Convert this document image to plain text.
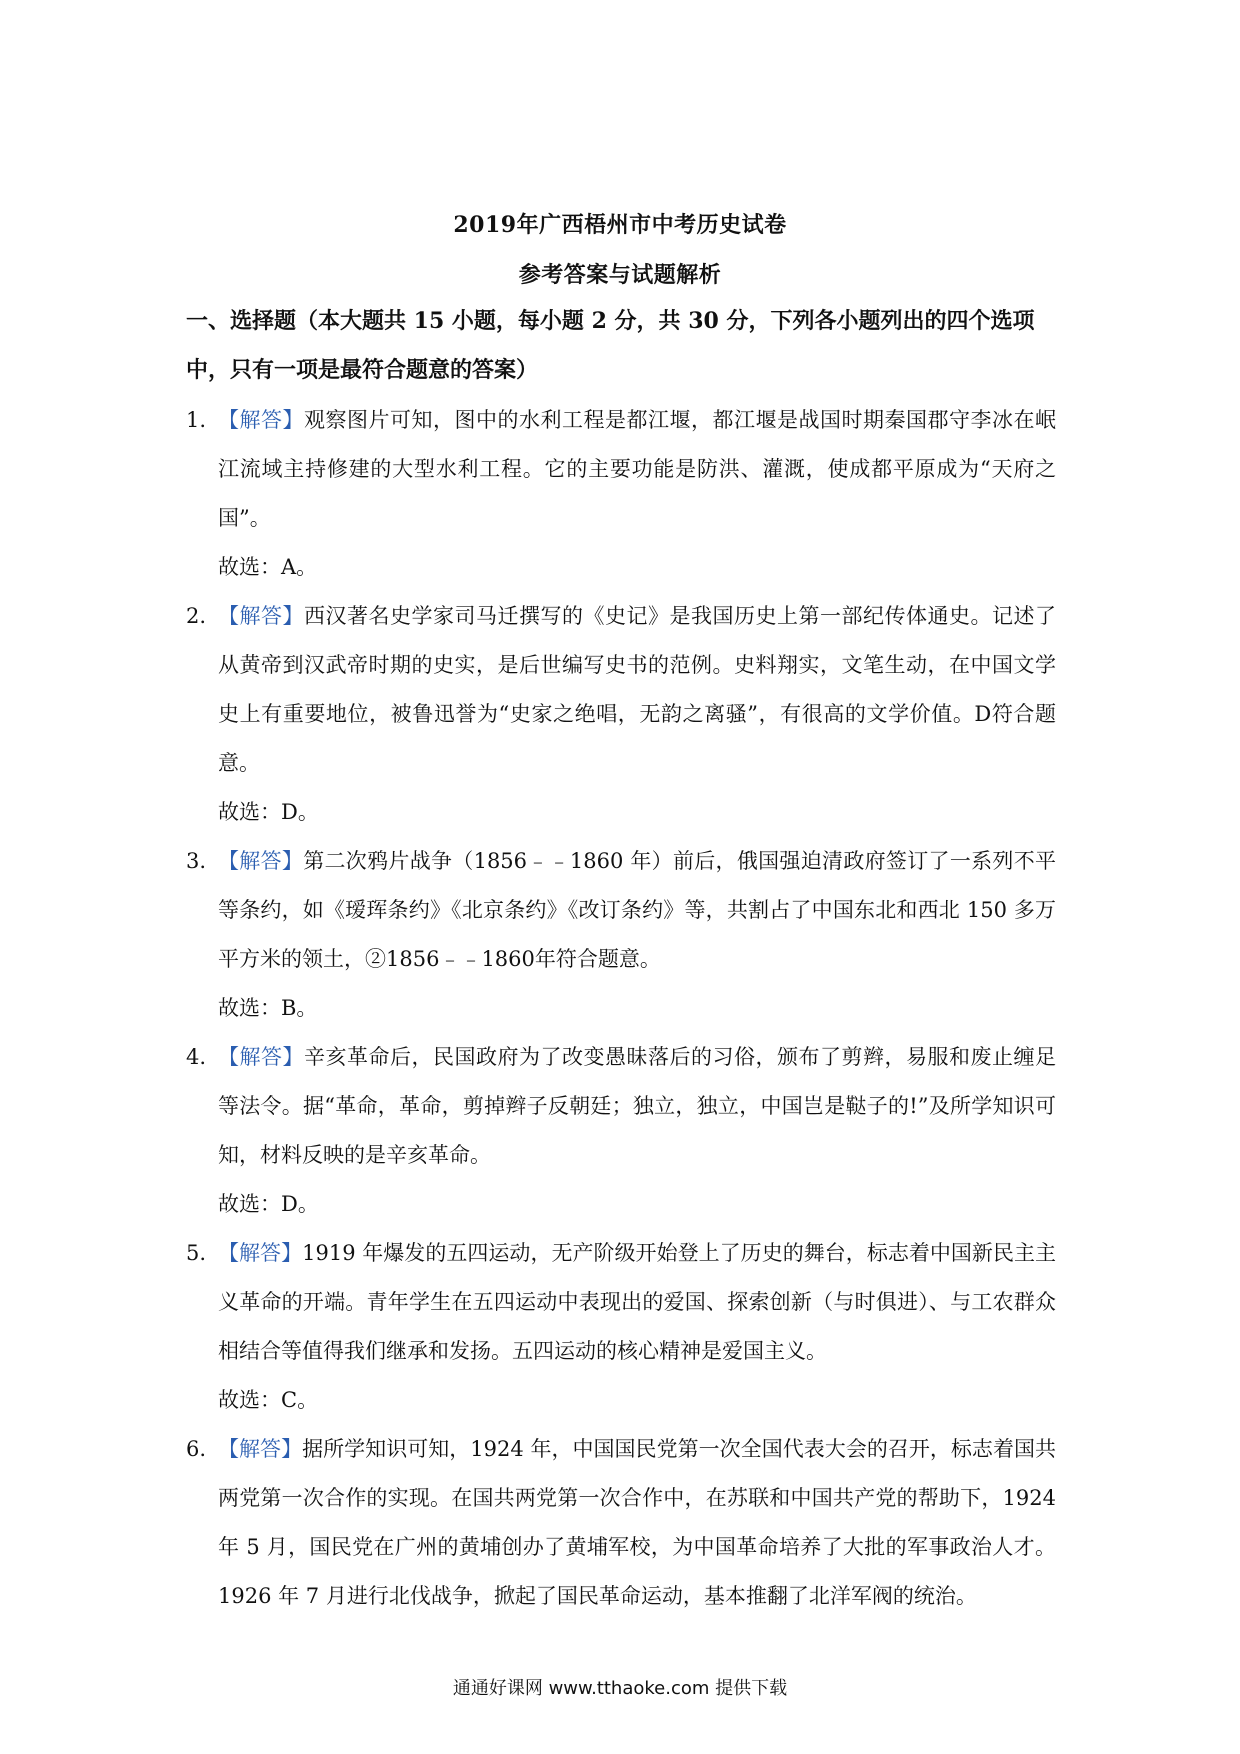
2019年广西梧州市中考历史试卷
参考答案与试题解析
一、选择题（本大题共 15 小题，每小题 2 分，共 30 分，下列各小题列出的四个选项中，只有一项是最符合题意的答案）
1. 【解答】观察图片可知，图中的水利工程是都江堰，都江堰是战国时期秦国郡守李冰在岷江流域主持修建的大型水利工程。它的主要功能是防洪、灌溉，使成都平原成为“天府之国”。
故选：A。
2. 【解答】西汉著名史学家司马迁撰写的《史记》是我国历史上第一部纪传体通史。记述了从黄帝到汉武帝时期的史实，是后世编写史书的范例。史料翔实，文笔生动，在中国文学史上有重要地位，被鲁迅誉为“史家之绝唱，无韵之离骚”，有很高的文学价值。D符合题意。
故选：D。
3. 【解答】第二次鸦片战争（1856﹣﹣1860 年）前后，俄国强迫清政府签订了一系列不平等条约，如《瑷珲条约》《北京条约》《改订条约》等，共割占了中国东北和西北 150 多万平方米的领土，②1856﹣﹣1860年符合题意。
故选：B。
4. 【解答】辛亥革命后，民国政府为了改变愚昧落后的习俗，颁布了剪辫，易服和废止缠足等法令。据“革命，革命，剪掉辫子反朝廷；独立，独立，中国岂是鞑子的!”及所学知识可知，材料反映的是辛亥革命。
故选：D。
5. 【解答】1919 年爆发的五四运动，无产阶级开始登上了历史的舞台，标志着中国新民主主义革命的开端。青年学生在五四运动中表现出的爱国、探索创新（与时俱进）、与工农群众相结合等值得我们继承和发扬。五四运动的核心精神是爱国主义。
故选：C。
6. 【解答】据所学知识可知，1924 年，中国国民党第一次全国代表大会的召开，标志着国共两党第一次合作的实现。在国共两党第一次合作中，在苏联和中国共产党的帮助下，1924 年 5 月，国民党在广州的黄埔创办了黄埔军校，为中国革命培养了大批的军事政治人才。1926 年 7 月进行北伐战争，掀起了国民革命运动，基本推翻了北洋军阀的统治。
通通好课网 www.tthaoke.com 提供下载
